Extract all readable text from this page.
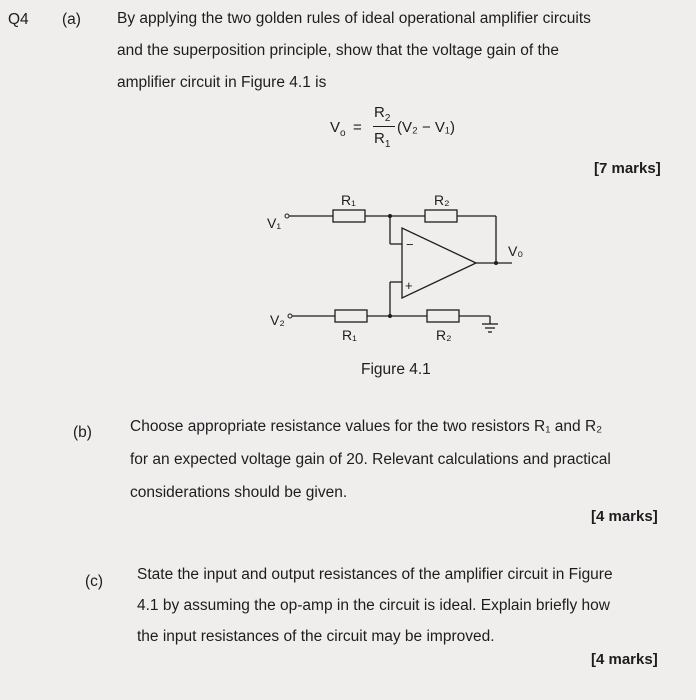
Q4 (a) By applying the two golden rules of ideal operational amplifier circuits
and the superposition principle, show that the voltage gain of the
amplifier circuit in Figure 4.1 is
$V_o$ =
$R_2$
$R_1$
(V₂ − V₁)
[7 marks]
V₁
V₂
R₁	R₂
R₁	R₂
V₀
−
+
Figure 4.1
(b) Choose appropriate resistance values for the two resistors R₁ and R₂
for an expected voltage gain of 20. Relevant calculations and practical
considerations should be given.
[4 marks]
(c) State the input and output resistances of the amplifier circuit in Figure
4.1 by assuming the op-amp in the circuit is ideal. Explain briefly how
the input resistances of the circuit may be improved.
[4 marks]
